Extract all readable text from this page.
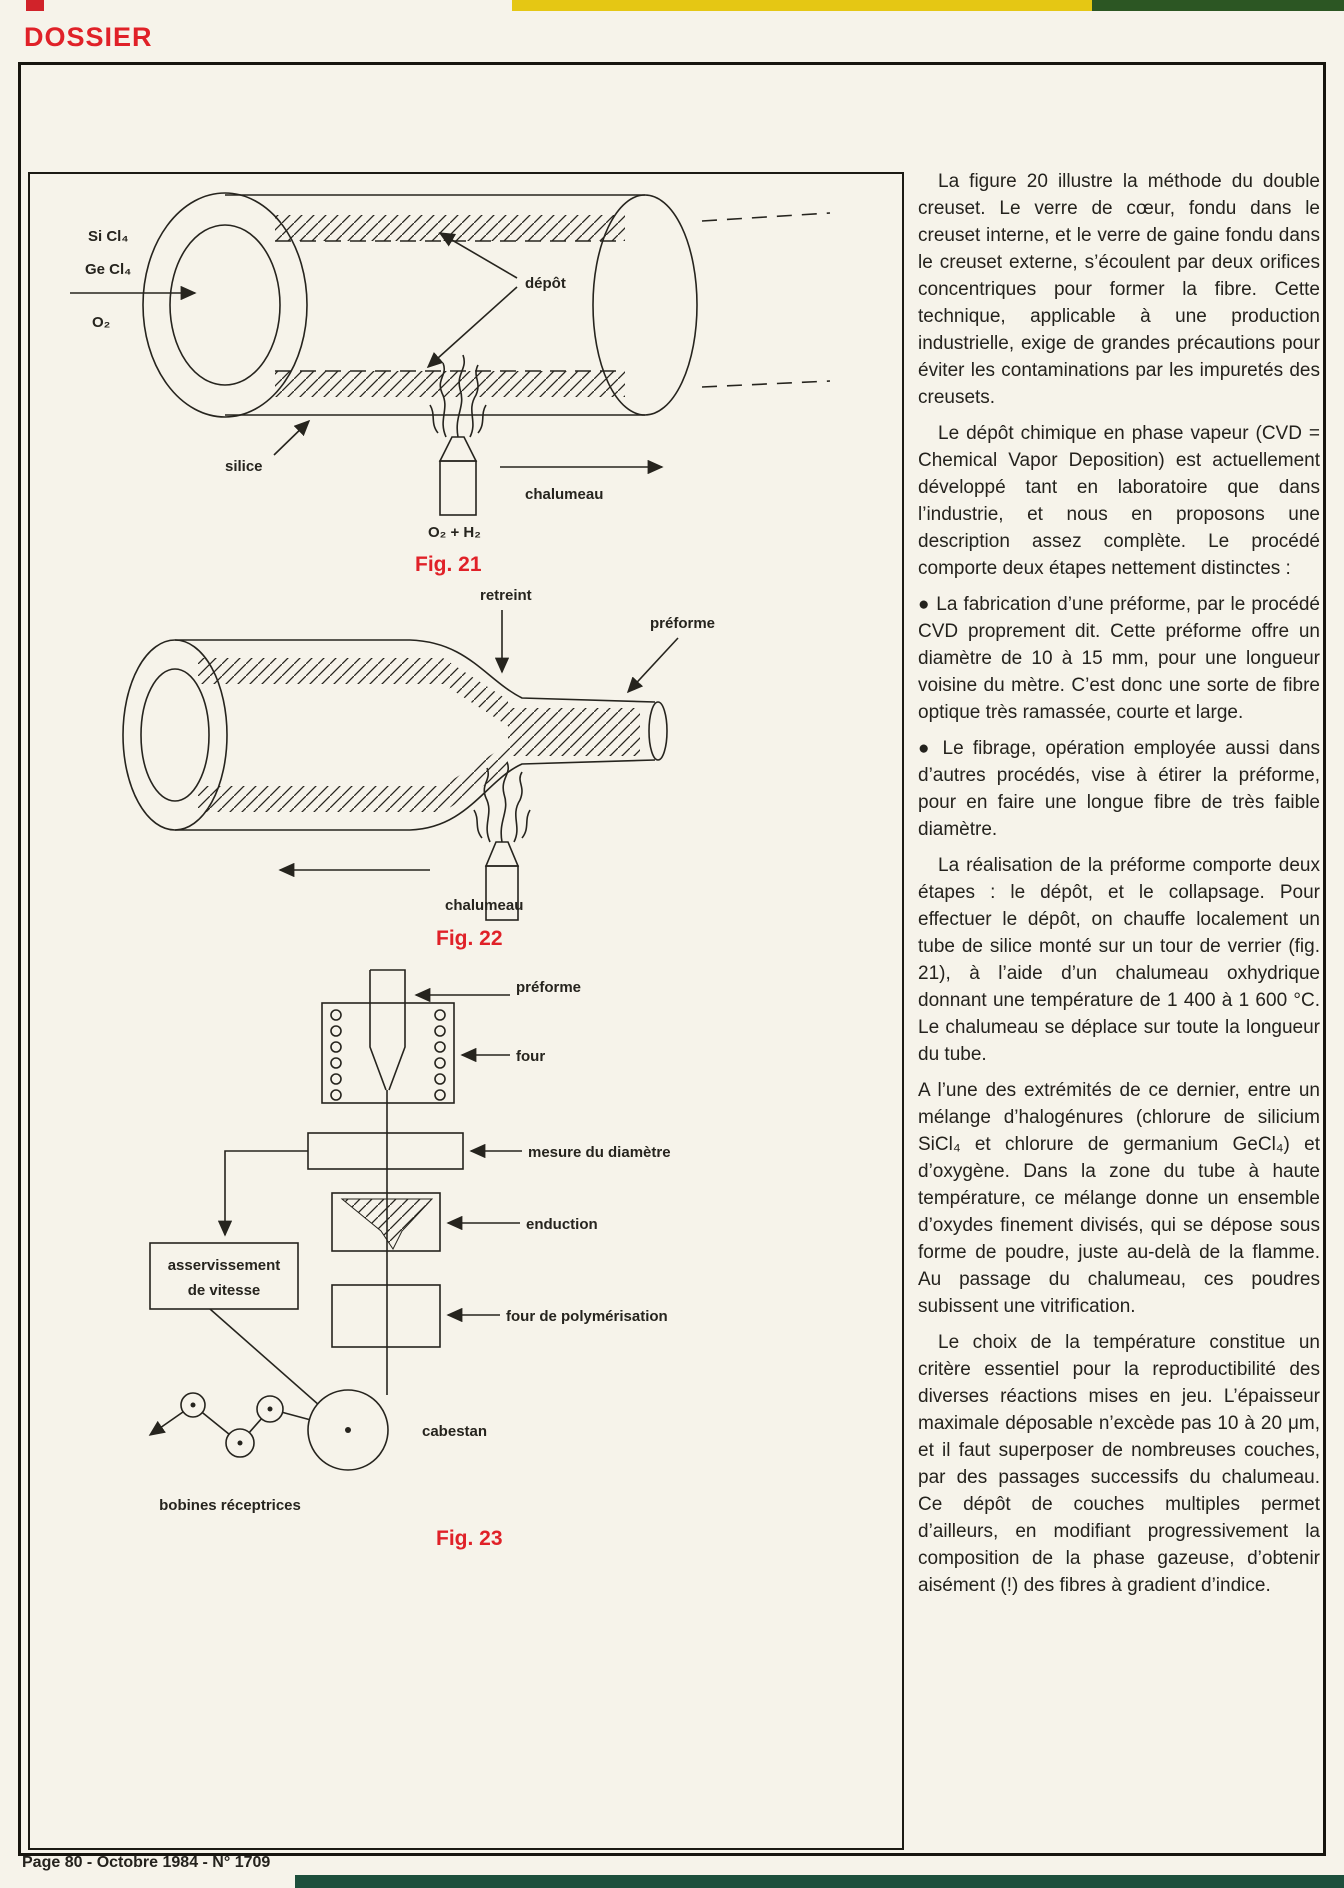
DOSSIER
Si Cl₄
Ge Cl₄
O₂
dépôt
silice
chalumeau
O₂ + H₂
Fig. 21
retreint
préforme
chalumeau
Fig. 22
préforme
four
mesure du diamètre
asservissement
de vitesse
enduction
four de polymérisation
cabestan
bobines réceptrices
Fig. 23

La figure 20 illustre la méthode du double creuset. Le verre de cœur, fondu dans le creuset interne, et le verre de gaine fondu dans le creuset externe, s’écoulent par deux orifices concentriques pour former la fibre. Cette technique, applicable à une production industrielle, exige de grandes précautions pour éviter les contaminations par les impuretés des creusets.

Le dépôt chimique en phase vapeur (CVD = Chemical Vapor Deposition) est actuellement développé tant en laboratoire que dans l’industrie, et nous en proposons une description assez complète. Le procédé comporte deux étapes nettement distinctes :

● La fabrication d’une préforme, par le procédé CVD proprement dit. Cette préforme offre un diamètre de 10 à 15 mm, pour une longueur voisine du mètre. C’est donc une sorte de fibre optique très ramassée, courte et large.

● Le fibrage, opération employée aussi dans d’autres procédés, vise à étirer la préforme, pour en faire une longue fibre de très faible diamètre.

La réalisation de la préforme comporte deux étapes : le dépôt, et le collapsage. Pour effectuer le dépôt, on chauffe localement un tube de silice monté sur un tour de verrier (fig. 21), à l’aide d’un chalumeau oxhydrique donnant une température de 1 400 à 1 600 °C. Le chalumeau se déplace sur toute la longueur du tube.

A l’une des extrémités de ce dernier, entre un mélange d’halogénures (chlorure de silicium SiCl₄ et chlorure de germanium GeCl₄) et d’oxygène. Dans la zone du tube à haute température, ce mélange donne un ensemble d’oxydes finement divisés, qui se dépose sous forme de poudre, juste au-delà de la flamme. Au passage du chalumeau, ces poudres subissent une vitrification.

Le choix de la température constitue un critère essentiel pour la reproductibilité des diverses réactions mises en jeu. L’épaisseur maximale déposable n’excède pas 10 à 20 μm, et il faut superposer de nombreuses couches, par des passages successifs du chalumeau. Ce dépôt de couches multiples permet d’ailleurs, en modifiant progressivement la composition de la phase gazeuse, d’obtenir aisément (!) des fibres à gradient d’indice.

Page 80 - Octobre 1984 - N° 1709
